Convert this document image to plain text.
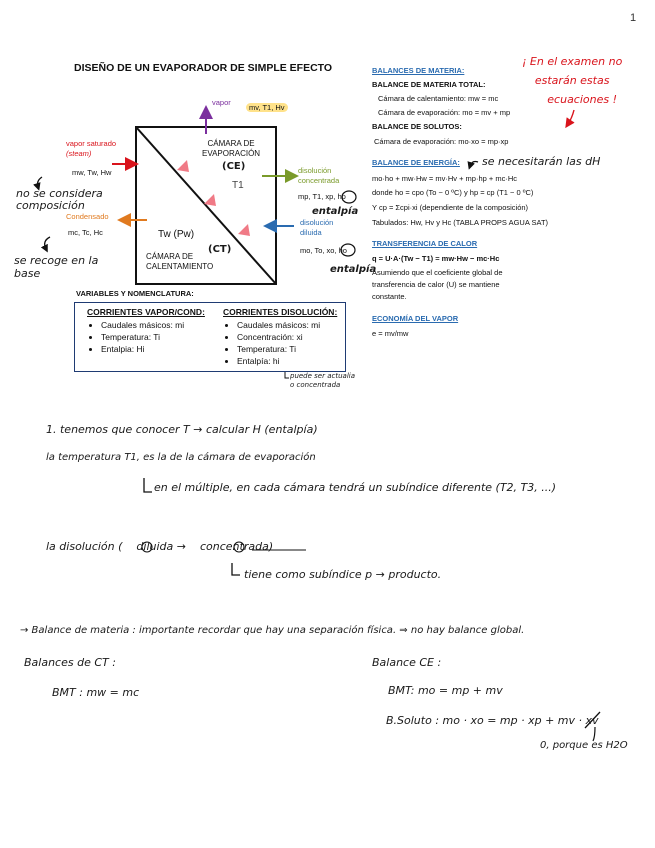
1
DISEÑO DE UN EVAPORADOR DE SIMPLE EFECTO
vapor
mv, T1, Hv
CÁMARA DE
EVAPORACIÓN
(CE)
T1
(CT)
Tw (Pw)
CÁMARA DE
CALENTAMIENTO
vapor saturado
(steam)
mw, Tw, Hw
Condensado
mc, Tc, Hc
disolución
concentrada
mp, T1, xp, hp
disolución
diluida
mo, To, xo, ho
no se considera
composición
se recoge en la
base
entalpía
entalpía
puede ser actualia
o concentrada
VARIABLES Y NOMENCLATURA:
CORRIENTES VAPOR/COND:
• Caudales másicos: mi
• Temperatura: Ti
• Entalpia: Hi
CORRIENTES DISOLUCIÓN:
• Caudales másicos: mi
• Concentración: xi
• Temperatura: Ti
• Entalpía: hi
BALANCES DE MATERIA:
BALANCE DE MATERIA TOTAL:
Cámara de calentamiento: mw = mc
Cámara de evaporación: mo = mv + mp
BALANCE DE SOLUTOS:
Cámara de evaporación: mo·xo = mp·xp
BALANCE DE ENERGÍA:
mo·ho + mw·Hw = mv·Hv + mp·hp + mc·Hc
donde ho = cpo (To − 0 ºC) y hp = cp (T1 − 0 ºC)
Y cp = Σcpi·xi (dependiente de la composición)
Tabulados: Hw, Hv y Hc (TABLA PROPS AGUA SAT)
TRANSFERENCIA DE CALOR
q = U·A·(Tw − T1) = mw·Hw − mc·Hc
Asumiendo que el coeficiente global de
transferencia de calor (U) se mantiene
constante.
ECONOMÍA DEL VAPOR
e = mv/mw
¡ En el examen no
estarán estas
ecuaciones !
se necesitarán las dH
1. tenemos que conocer T → calcular H (entalpía)
la temperatura T1, es la de la cámara de evaporación
en el múltiple, en cada cámara tendrá un subíndice diferente (T2, T3, ...)
la disolución ( diluida → concentrada)
tiene como subíndice p → producto.
→ Balance de materia : importante recordar que hay una separación física. ⇒ no hay balance global.
Balances de CT :	Balance CE :
BMT : mw = mc	BMT: mo = mp + mv
B.Soluto : mo · xo = mp · xp + mv · xv
0, porque es H2O
